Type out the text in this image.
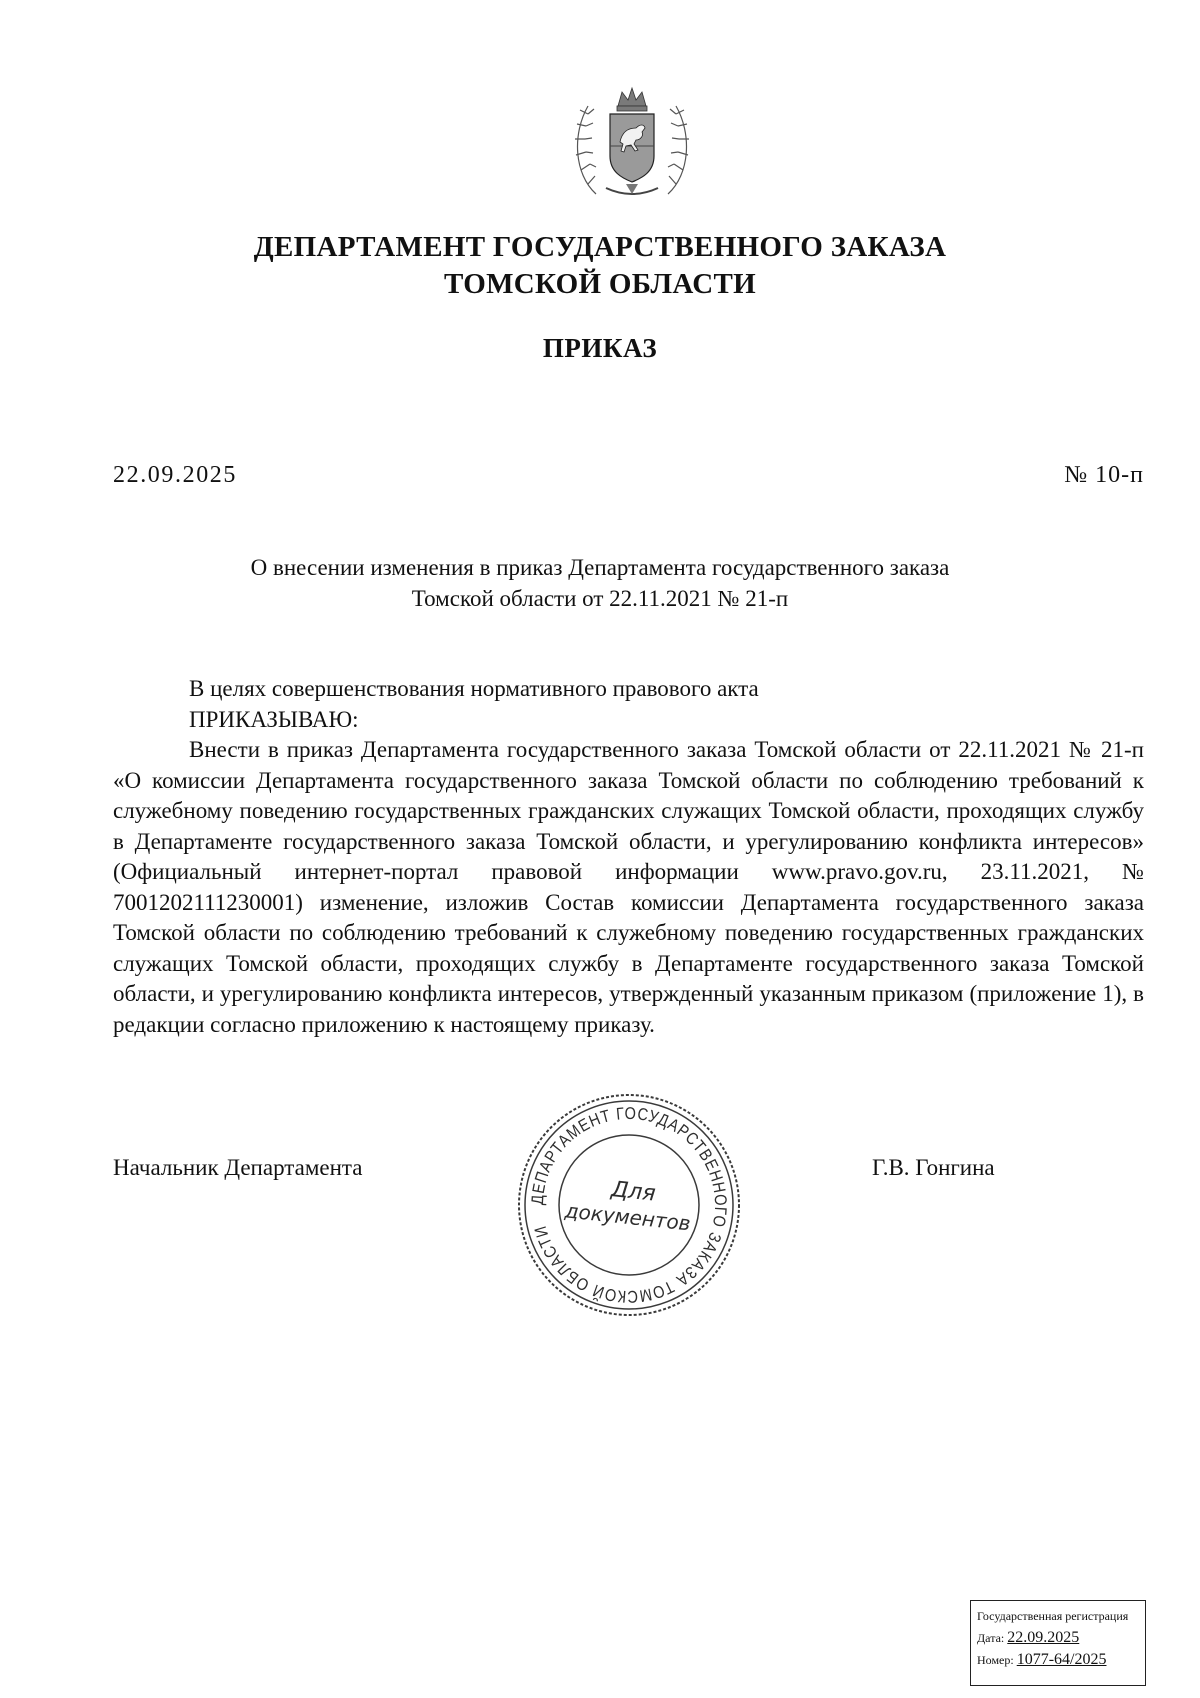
ДЕПАРТАМЕНТ ГОСУДАРСТВЕННОГО ЗАКАЗА
ТОМСКОЙ ОБЛАСТИ
ПРИКАЗ
22.09.2025	№ 10-п
О внесении изменения в приказ Департамента государственного заказа
Томской области от 22.11.2021 № 21-п
В целях совершенствования нормативного правового акта
ПРИКАЗЫВАЮ:
Внести в приказ Департамента государственного заказа Томской области от 22.11.2021 № 21-п «О комиссии Департамента государственного заказа Томской области по соблюдению требований к служебному поведению государственных гражданских служащих Томской области, проходящих службу в Департаменте государственного заказа Томской области, и урегулированию конфликта интересов» (Официальный интернет-портал правовой информации www.pravo.gov.ru, 23.11.2021, № 7001202111230001) изменение, изложив Состав комиссии Департамента государственного заказа Томской области по соблюдению требований к служебному поведению государственных гражданских служащих Томской области, проходящих службу в Департаменте государственного заказа Томской области, и урегулированию конфликта интересов, утвержденный указанным приказом (приложение 1), в редакции согласно приложению к настоящему приказу.
Начальник Департамента	Г.В. Гонгина
ДЕПАРТАМЕНТ ГОСУДАРСТВЕННОГО ЗАКАЗА ТОМСКОЙ ОБЛАСТИ
Для
документов
Государственная регистрация
Дата: 22.09.2025
Номер: 1077-64/2025
